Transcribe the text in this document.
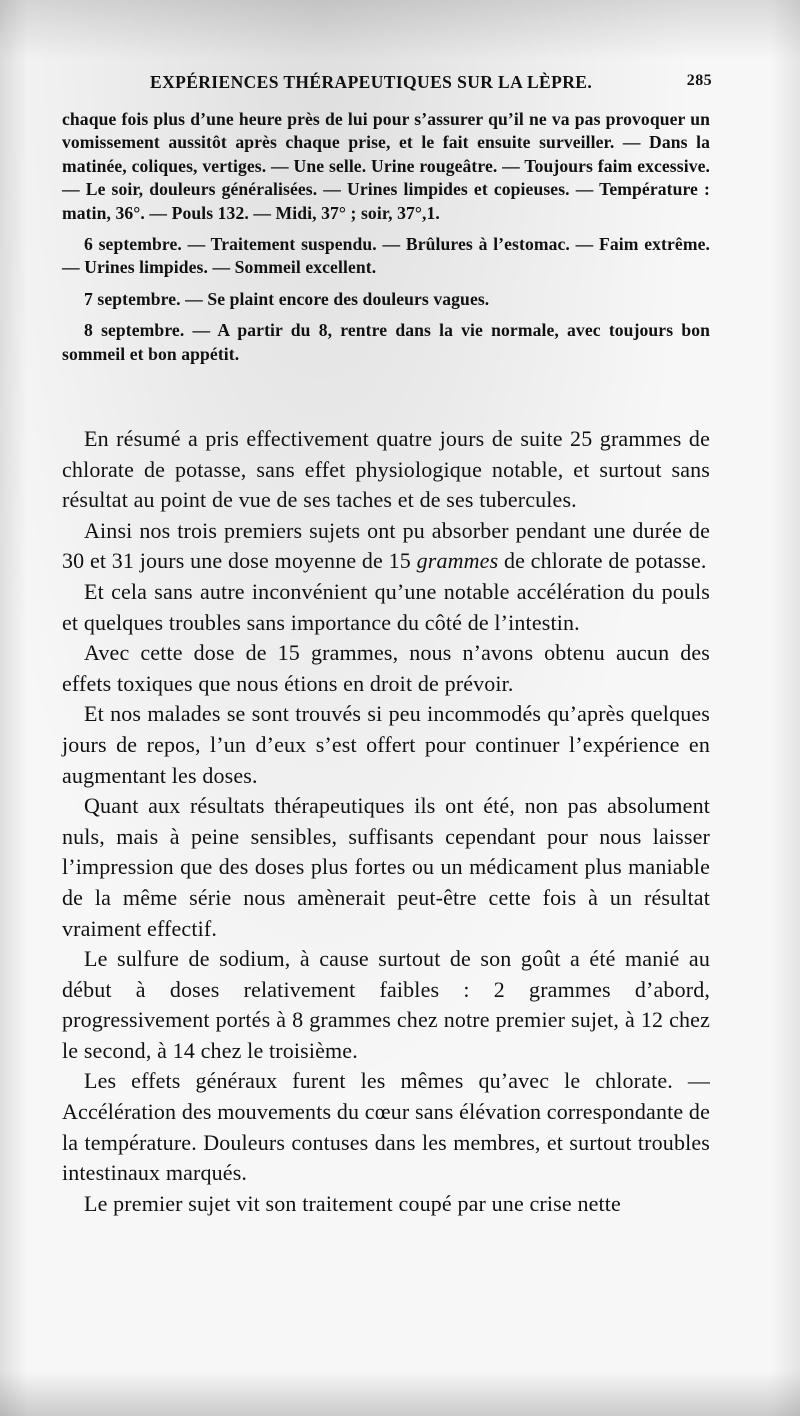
EXPÉRIENCES THÉRAPEUTIQUES SUR LA LÈPRE.	285

chaque fois plus d’une heure près de lui pour s’assurer qu’il ne va pas provoquer un vomissement aussitôt après chaque prise, et le fait ensuite surveiller. — Dans la matinée, coliques, vertiges. — Une selle. Urine rougeâtre. — Toujours faim excessive. — Le soir, douleurs généralisées. — Urines limpides et copieuses. — Température : matin, 36°. — Pouls 132. — Midi, 37° ; soir, 37°,1.

6 septembre. — Traitement suspendu. — Brûlures à l’estomac. — Faim extrême. — Urines limpides. — Sommeil excellent.

7 septembre. — Se plaint encore des douleurs vagues.

8 septembre. — A partir du 8, rentre dans la vie normale, avec toujours bon sommeil et bon appétit.

En résumé a pris effectivement quatre jours de suite 25 grammes de chlorate de potasse, sans effet physiologique notable, et surtout sans résultat au point de vue de ses taches et de ses tubercules.

Ainsi nos trois premiers sujets ont pu absorber pendant une durée de 30 et 31 jours une dose moyenne de 15 grammes de chlorate de potasse.

Et cela sans autre inconvénient qu’une notable accélération du pouls et quelques troubles sans importance du côté de l’intestin.

Avec cette dose de 15 grammes, nous n’avons obtenu aucun des effets toxiques que nous étions en droit de prévoir.

Et nos malades se sont trouvés si peu incommodés qu’après quelques jours de repos, l’un d’eux s’est offert pour continuer l’expérience en augmentant les doses.

Quant aux résultats thérapeutiques ils ont été, non pas absolument nuls, mais à peine sensibles, suffisants cependant pour nous laisser l’impression que des doses plus fortes ou un médicament plus maniable de la même série nous amènerait peut-être cette fois à un résultat vraiment effectif.

Le sulfure de sodium, à cause surtout de son goût a été manié au début à doses relativement faibles : 2 grammes d’abord, progressivement portés à 8 grammes chez notre premier sujet, à 12 chez le second, à 14 chez le troisième.

Les effets généraux furent les mêmes qu’avec le chlorate. — Accélération des mouvements du cœur sans élévation correspondante de la température. Douleurs contuses dans les membres, et surtout troubles intestinaux marqués.

Le premier sujet vit son traitement coupé par une crise nette
